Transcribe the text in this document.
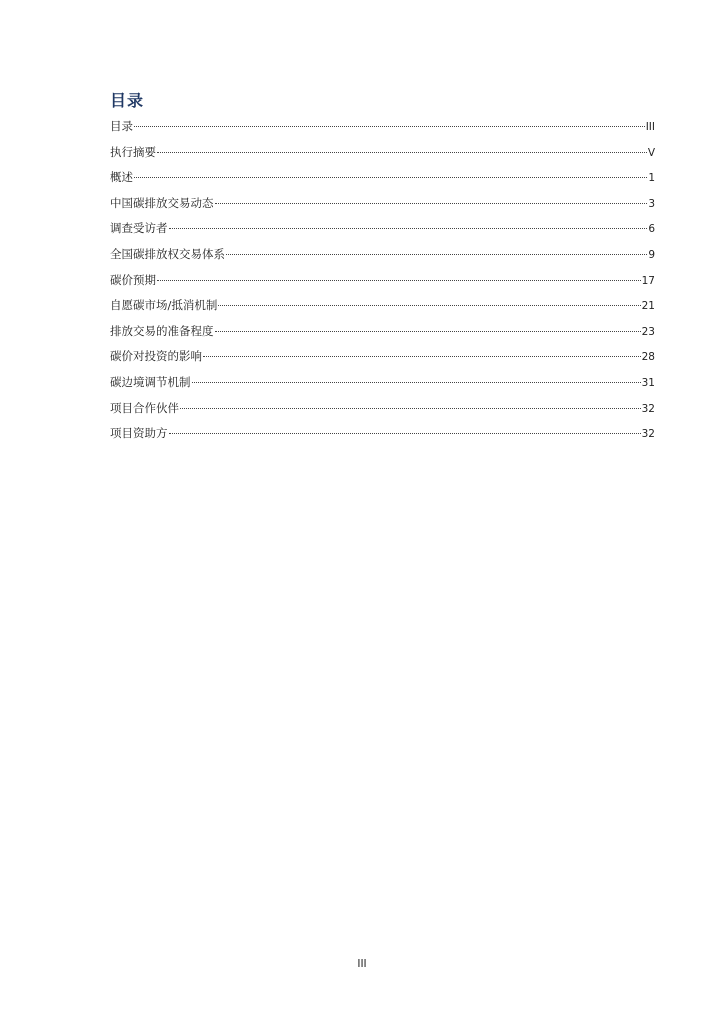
目录
目录	III
执行摘要	V
概述	1
中国碳排放交易动态	3
调查受访者	6
全国碳排放权交易体系	9
碳价预期	17
自愿碳市场/抵消机制	21
排放交易的准备程度	23
碳价对投资的影响	28
碳边境调节机制	31
项目合作伙伴	32
项目资助方	32
III
